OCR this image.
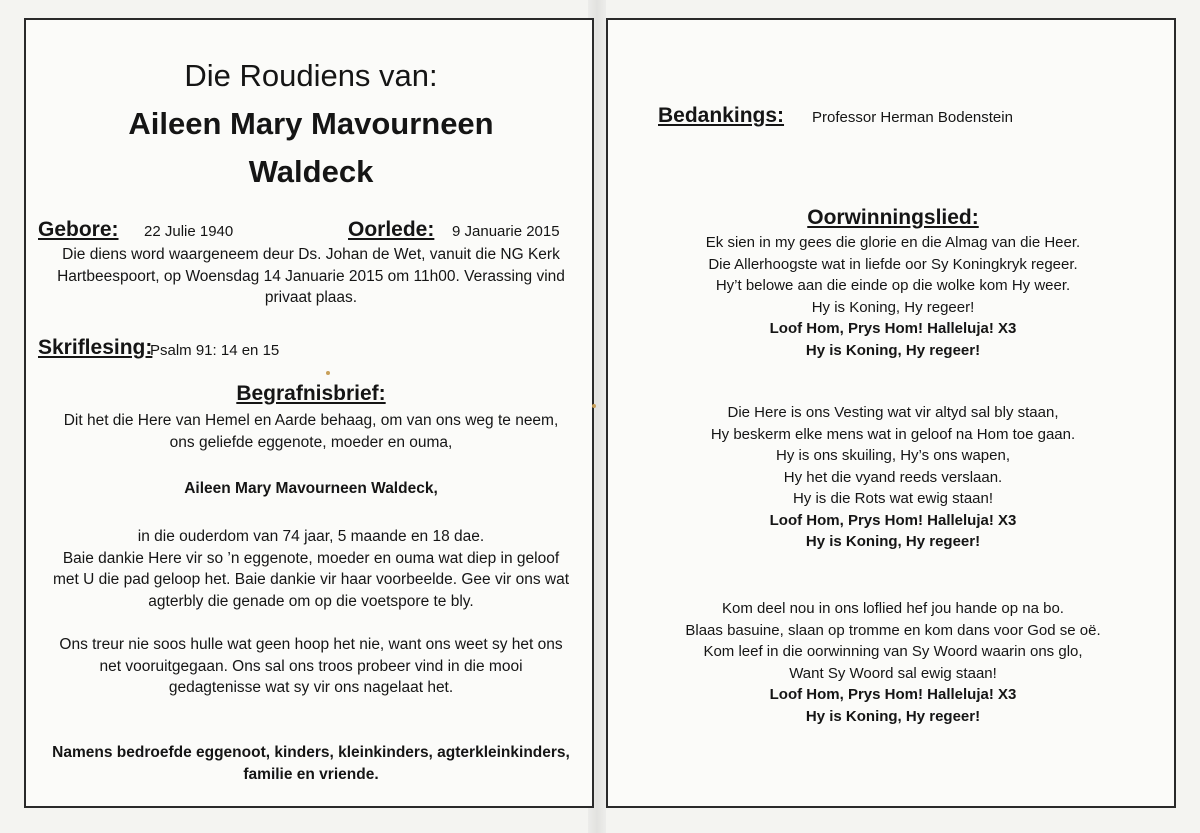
Die Roudiens van:
Aileen Mary Mavourneen
Waldeck
Gebore: 22 Julie 1940	Oorlede: 9 Januarie 2015
Die diens word waargeneem deur Ds. Johan de Wet, vanuit die NG Kerk
Hartbeespoort, op Woensdag 14 Januarie 2015 om 11h00. Verassing vind
privaat plaas.
Skriflesing:
Psalm 91: 14 en 15
Begrafnisbrief:
Dit het die Here van Hemel en Aarde behaag, om van ons weg te neem,
ons geliefde eggenote, moeder en ouma,
Aileen Mary Mavourneen Waldeck,
in die ouderdom van 74 jaar, 5 maande en 18 dae.
Baie dankie Here vir so ’n eggenote, moeder en ouma wat diep in geloof
met U die pad geloop het. Baie dankie vir haar voorbeelde. Gee vir ons wat
agterbly die genade om op die voetspore te bly.
Ons treur nie soos hulle wat geen hoop het nie, want ons weet sy het ons
net vooruitgegaan. Ons sal ons troos probeer vind in die mooi
gedagtenisse wat sy vir ons nagelaat het.
Namens bedroefde eggenoot, kinders, kleinkinders, agterkleinkinders,
familie en vriende.
Bedankings: Professor Herman Bodenstein
Oorwinningslied:
Ek sien in my gees die glorie en die Almag van die Heer.
Die Allerhoogste wat in liefde oor Sy Koningkryk regeer.
Hy’t belowe aan die einde op die wolke kom Hy weer.
Hy is Koning, Hy regeer!
Loof Hom, Prys Hom! Halleluja! X3
Hy is Koning, Hy regeer!
Die Here is ons Vesting wat vir altyd sal bly staan,
Hy beskerm elke mens wat in geloof na Hom toe gaan.
Hy is ons skuiling, Hy’s ons wapen,
Hy het die vyand reeds verslaan.
Hy is die Rots wat ewig staan!
Loof Hom, Prys Hom! Halleluja! X3
Hy is Koning, Hy regeer!
Kom deel nou in ons loflied hef jou hande op na bo.
Blaas basuine, slaan op tromme en kom dans voor God se oë.
Kom leef in die oorwinning van Sy Woord waarin ons glo,
Want Sy Woord sal ewig staan!
Loof Hom, Prys Hom! Halleluja! X3
Hy is Koning, Hy regeer!
